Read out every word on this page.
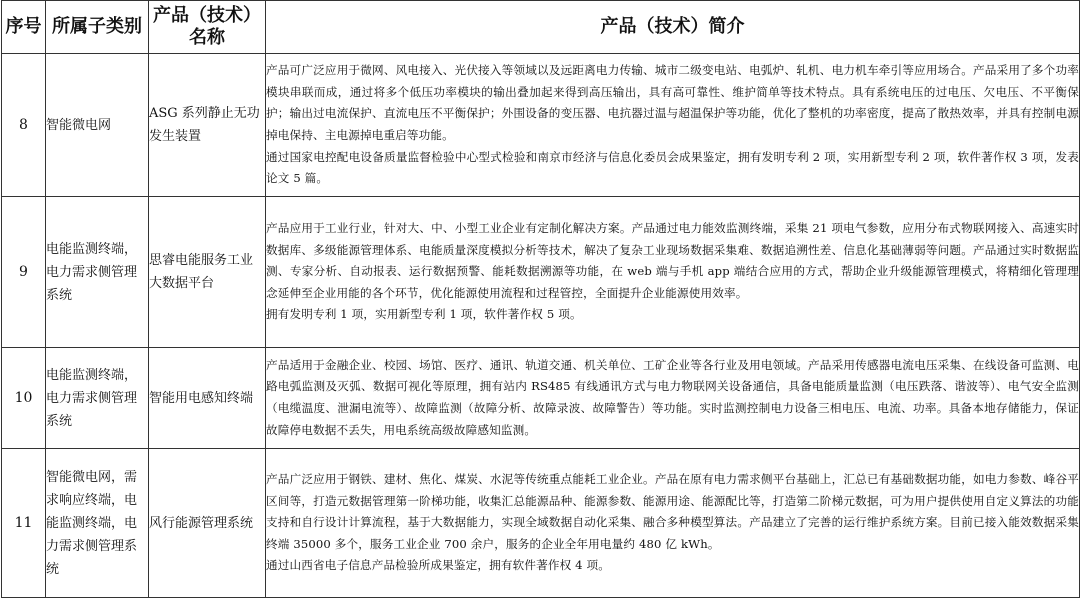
序号	所属子类别	产品（技术）名称	产品（技术）简介
8	智能微电网	ASG 系列静止无功发生装置	产品可广泛应用于微网、风电接入、光伏接入等领域以及远距离电力传输、城市二级变电站、电弧炉、轧机、电力机车牵引等应用场合。产品采用了多个功率模块串联而成，通过将多个低压功率模块的输出叠加起来得到高压输出，具有高可靠性、维护简单等技术特点。具有系统电压的过电压、欠电压、不平衡保护；输出过电流保护、直流电压不平衡保护；外围设备的变压器、电抗器过温与超温保护等功能，优化了整机的功率密度，提高了散热效率，并具有控制电源掉电保持、主电源掉电重启等功能。

通过国家电控配电设备质量监督检验中心型式检验和南京市经济与信息化委员会成果鉴定，拥有发明专利 2 项，实用新型专利 2 项，软件著作权 3 项，发表论文 5 篇。

9	电能监测终端，电力需求侧管理系统	思睿电能服务工业大数据平台	产品应用于工业行业，针对大、中、小型工业企业有定制化解决方案。产品通过电力能效监测终端，采集 21 项电气参数，应用分布式物联网接入、高速实时数据库、多级能源管理体系、电能质量深度模拟分析等技术，解决了复杂工业现场数据采集难、数据追溯性差、信息化基础薄弱等问题。产品通过实时数据监测、专家分析、自动报表、运行数据预警、能耗数据溯源等功能，在 web 端与手机 app 端结合应用的方式，帮助企业升级能源管理模式，将精细化管理理念延伸至企业用能的各个环节，优化能源使用流程和过程管控，全面提升企业能源使用效率。

拥有发明专利 1 项，实用新型专利 1 项，软件著作权 5 项。

10	电能监测终端，电力需求侧管理系统	智能用电感知终端	产品适用于金融企业、校园、场馆、医疗、通讯、轨道交通、机关单位、工矿企业等各行业及用电领域。产品采用传感器电流电压采集、在线设备可监测、电路电弧监测及灭弧、数据可视化等原理，拥有站内 RS485 有线通讯方式与电力物联网关设备通信，具备电能质量监测（电压跌落、谐波等）、电气安全监测（电缆温度、泄漏电流等）、故障监测（故障分析、故障录波、故障警告）等功能。实时监测控制电力设备三相电压、电流、功率。具备本地存储能力，保证故障停电数据不丢失，用电系统高级故障感知监测。

11	智能微电网，需求响应终端，电能监测终端，电力需求侧管理系统	风行能源管理系统	产品广泛应用于钢铁、建材、焦化、煤炭、水泥等传统重点能耗工业企业。产品在原有电力需求侧平台基础上，汇总已有基础数据功能，如电力参数、峰谷平区间等，打造元数据管理第一阶梯功能，收集汇总能源品种、能源参数、能源用途、能源配比等，打造第二阶梯元数据，可为用户提供使用自定义算法的功能支持和自行设计计算流程，基于大数据能力，实现全域数据自动化采集、融合多种模型算法。产品建立了完善的运行维护系统方案。目前已接入能效数据采集终端 35000 多个，服务工业企业 700 余户，服务的企业全年用电量约 480 亿 kWh。

通过山西省电子信息产品检验所成果鉴定，拥有软件著作权 4 项。
